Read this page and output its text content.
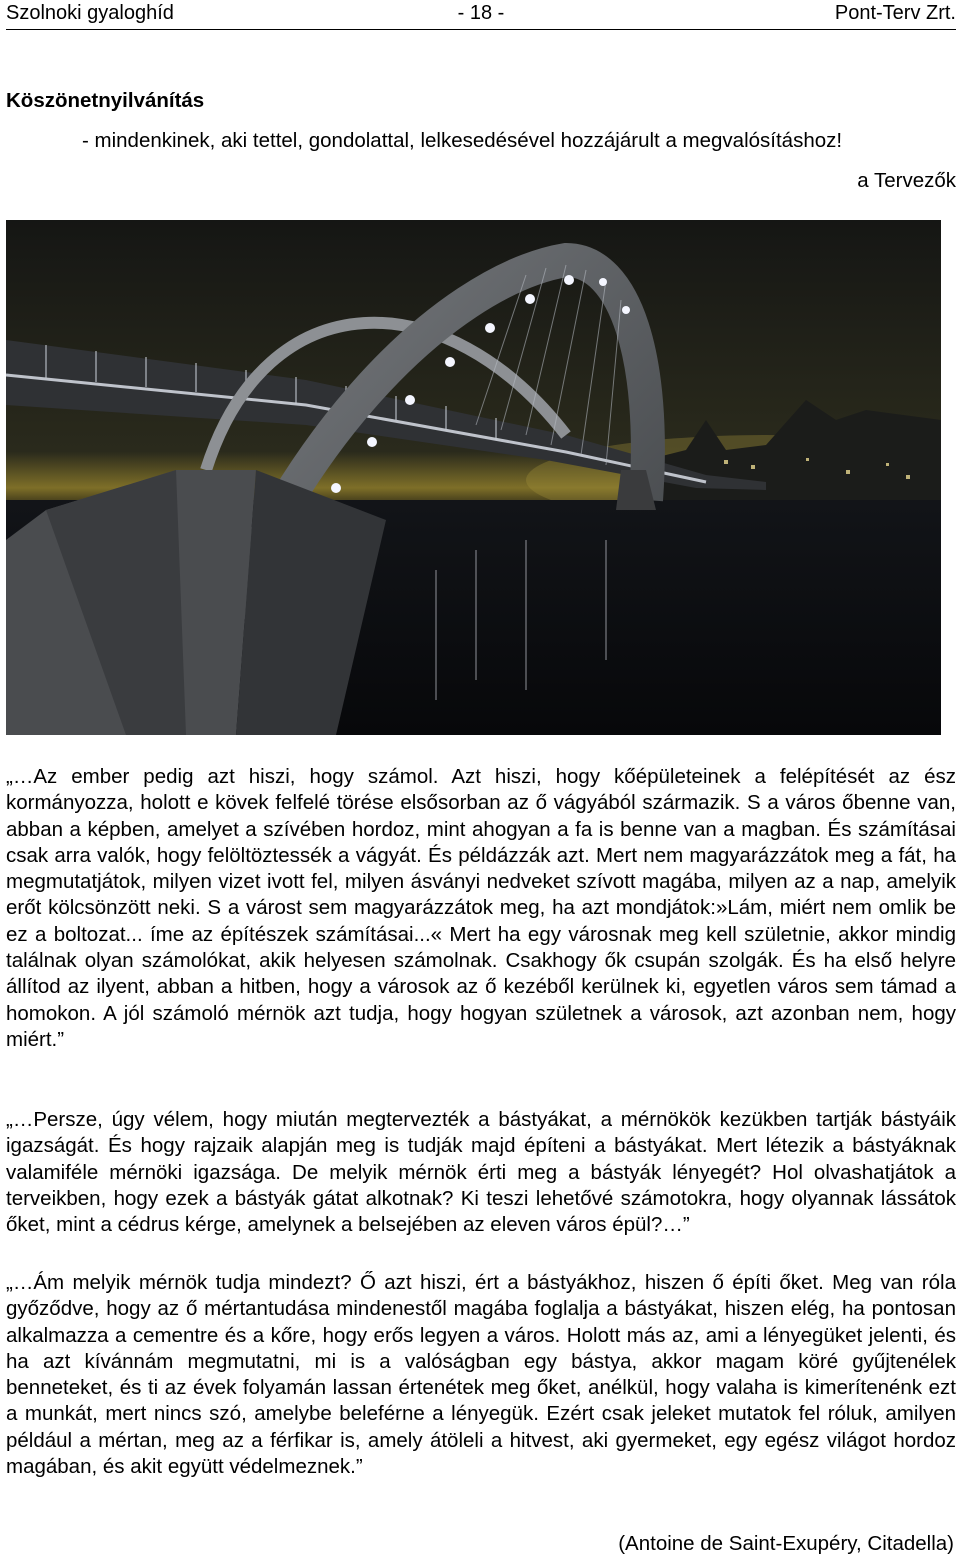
Szolnoki gyaloghíd	- 18 -	Pont-Terv Zrt.
Köszönetnyilvánítás
- mindenkinek, aki tettel, gondolattal, lelkesedésével hozzájárult a megvalósításhoz!
a Tervezők
„…Az ember pedig azt hiszi, hogy számol. Azt hiszi, hogy kőépületeinek a felépítését az ész kormányozza, holott e kövek felfelé törése elsősorban az ő vágyából származik. S a város őbenne van, abban a képben, amelyet a szívében hordoz, mint ahogyan a fa is benne van a magban. És számításai csak arra valók, hogy felöltöztessék a vágyát. És példázzák azt. Mert nem magyarázzátok meg a fát, ha megmutatjátok, milyen vizet ivott fel, milyen ásványi nedveket szívott magába, milyen az a nap, amelyik erőt kölcsönzött neki. S a várost sem magyarázzátok meg, ha azt mondjátok:»Lám, miért nem omlik be ez a boltozat... íme az építészek számításai...« Mert ha egy városnak meg kell születnie, akkor mindig találnak olyan számolókat, akik helyesen számolnak. Csakhogy ők csupán szolgák. És ha első helyre állítod az ilyent, abban a hitben, hogy a városok az ő kezéből kerülnek ki, egyetlen város sem támad a homokon. A jól számoló mérnök azt tudja, hogy hogyan születnek a városok, azt azonban nem, hogy miért.”
„…Persze, úgy vélem, hogy miután megtervezték a bástyákat, a mérnökök kezükben tartják bástyáik igazságát. És hogy rajzaik alapján meg is tudják majd építeni a bástyákat. Mert létezik a bástyáknak valamiféle mérnöki igazsága. De melyik mérnök érti meg a bástyák lényegét? Hol olvashatjátok a terveikben, hogy ezek a bástyák gátat alkotnak? Ki teszi lehetővé számotokra, hogy olyannak lássátok őket, mint a cédrus kérge, amelynek a belsejében az eleven város épül?…”
„…Ám melyik mérnök tudja mindezt? Ő azt hiszi, ért a bástyákhoz, hiszen ő építi őket. Meg van róla győződve, hogy az ő mértantudása mindenestől magába foglalja a bástyákat, hiszen elég, ha pontosan alkalmazza a cementre és a kőre, hogy erős legyen a város. Holott más az, ami a lényegüket jelenti, és ha azt kívánnám megmutatni, mi is a valóságban egy bástya, akkor magam köré gyűjtenélek benneteket, és ti az évek folyamán lassan értenétek meg őket, anélkül, hogy valaha is kimerítenénk ezt a munkát, mert nincs szó, amelybe beleférne a lényegük. Ezért csak jeleket mutatok fel róluk, amilyen például a mértan, meg az a férfikar is, amely átöleli a hitvest, aki gyermeket, egy egész világot hordoz magában, és akit együtt védelmeznek.”
(Antoine de Saint-Exupéry, Citadella)
